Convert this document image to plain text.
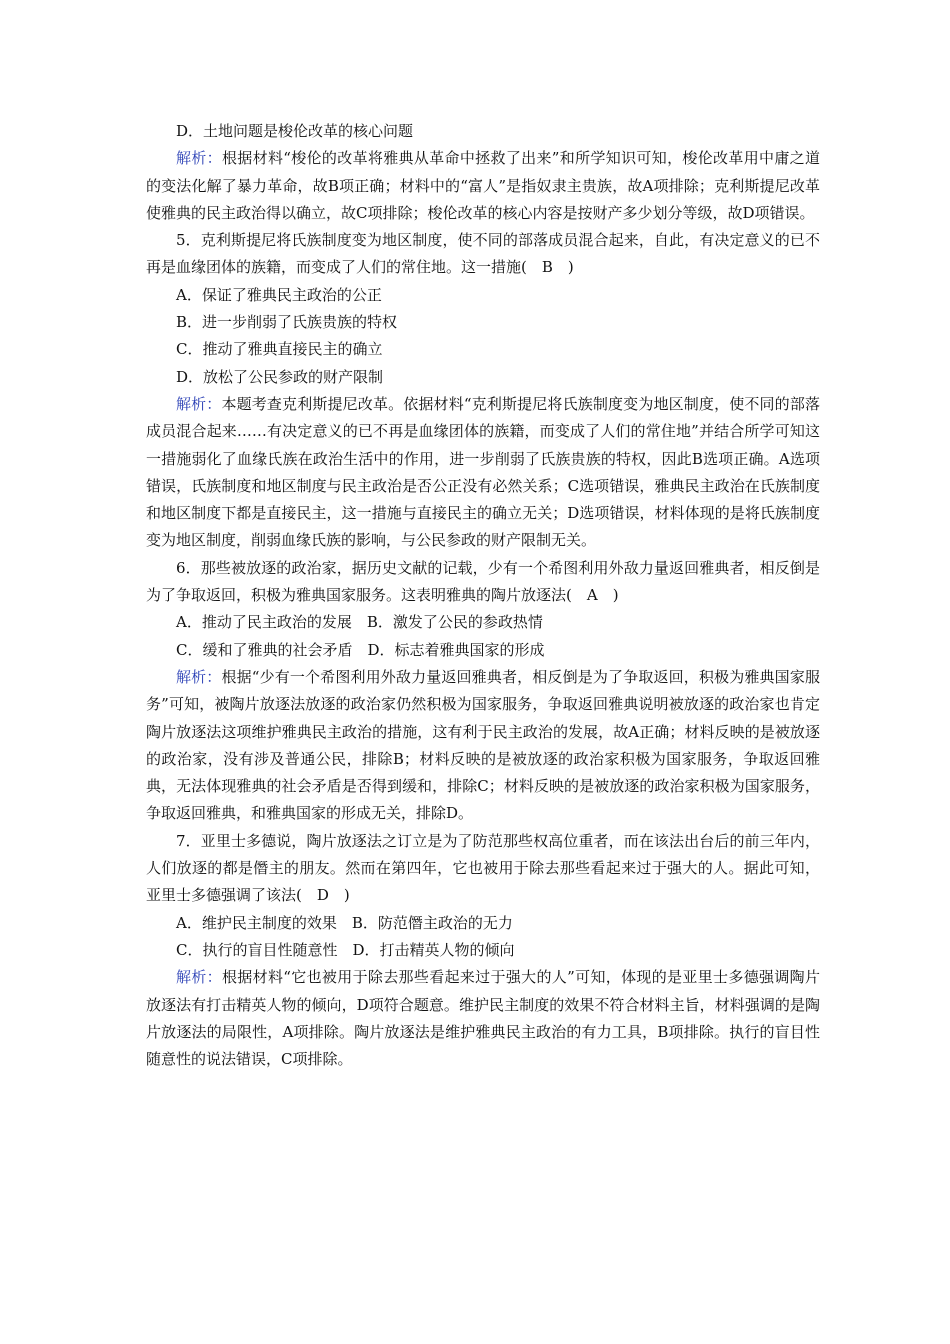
D．土地问题是梭伦改革的核心问题

解析：根据材料“梭伦的改革将雅典从革命中拯救了出来”和所学知识可知，梭伦改革用中庸之道的变法化解了暴力革命，故B项正确；材料中的“富人”是指奴隶主贵族，故A项排除；克利斯提尼改革使雅典的民主政治得以确立，故C项排除；梭伦改革的核心内容是按财产多少划分等级，故D项错误。

5．克利斯提尼将氏族制度变为地区制度，使不同的部落成员混合起来，自此，有决定意义的已不再是血缘团体的族籍，而变成了人们的常住地。这一措施(　B　)

A．保证了雅典民主政治的公正

B．进一步削弱了氏族贵族的特权

C．推动了雅典直接民主的确立

D．放松了公民参政的财产限制

解析：本题考查克利斯提尼改革。依据材料“克利斯提尼将氏族制度变为地区制度，使不同的部落成员混合起来……有决定意义的已不再是血缘团体的族籍，而变成了人们的常住地”并结合所学可知这一措施弱化了血缘氏族在政治生活中的作用，进一步削弱了氏族贵族的特权，因此B选项正确。A选项错误，氏族制度和地区制度与民主政治是否公正没有必然关系；C选项错误，雅典民主政治在氏族制度和地区制度下都是直接民主，这一措施与直接民主的确立无关；D选项错误，材料体现的是将氏族制度变为地区制度，削弱血缘氏族的影响，与公民参政的财产限制无关。

6．那些被放逐的政治家，据历史文献的记载，少有一个希图利用外敌力量返回雅典者，相反倒是为了争取返回，积极为雅典国家服务。这表明雅典的陶片放逐法(　A　)

A．推动了民主政治的发展　B．激发了公民的参政热情

C．缓和了雅典的社会矛盾　D．标志着雅典国家的形成

解析：根据“少有一个希图利用外敌力量返回雅典者，相反倒是为了争取返回，积极为雅典国家服务”可知，被陶片放逐法放逐的政治家仍然积极为国家服务，争取返回雅典说明被放逐的政治家也肯定陶片放逐法这项维护雅典民主政治的措施，这有利于民主政治的发展，故A正确；材料反映的是被放逐的政治家，没有涉及普通公民，排除B；材料反映的是被放逐的政治家积极为国家服务，争取返回雅典，无法体现雅典的社会矛盾是否得到缓和，排除C；材料反映的是被放逐的政治家积极为国家服务，争取返回雅典，和雅典国家的形成无关，排除D。

7．亚里士多德说，陶片放逐法之订立是为了防范那些权高位重者，而在该法出台后的前三年内，人们放逐的都是僭主的朋友。然而在第四年，它也被用于除去那些看起来过于强大的人。据此可知，亚里士多德强调了该法(　D　)

A．维护民主制度的效果　B．防范僭主政治的无力

C．执行的盲目性随意性　D．打击精英人物的倾向

解析：根据材料“它也被用于除去那些看起来过于强大的人”可知，体现的是亚里士多德强调陶片放逐法有打击精英人物的倾向，D项符合题意。维护民主制度的效果不符合材料主旨，材料强调的是陶片放逐法的局限性，A项排除。陶片放逐法是维护雅典民主政治的有力工具，B项排除。执行的盲目性随意性的说法错误，C项排除。
